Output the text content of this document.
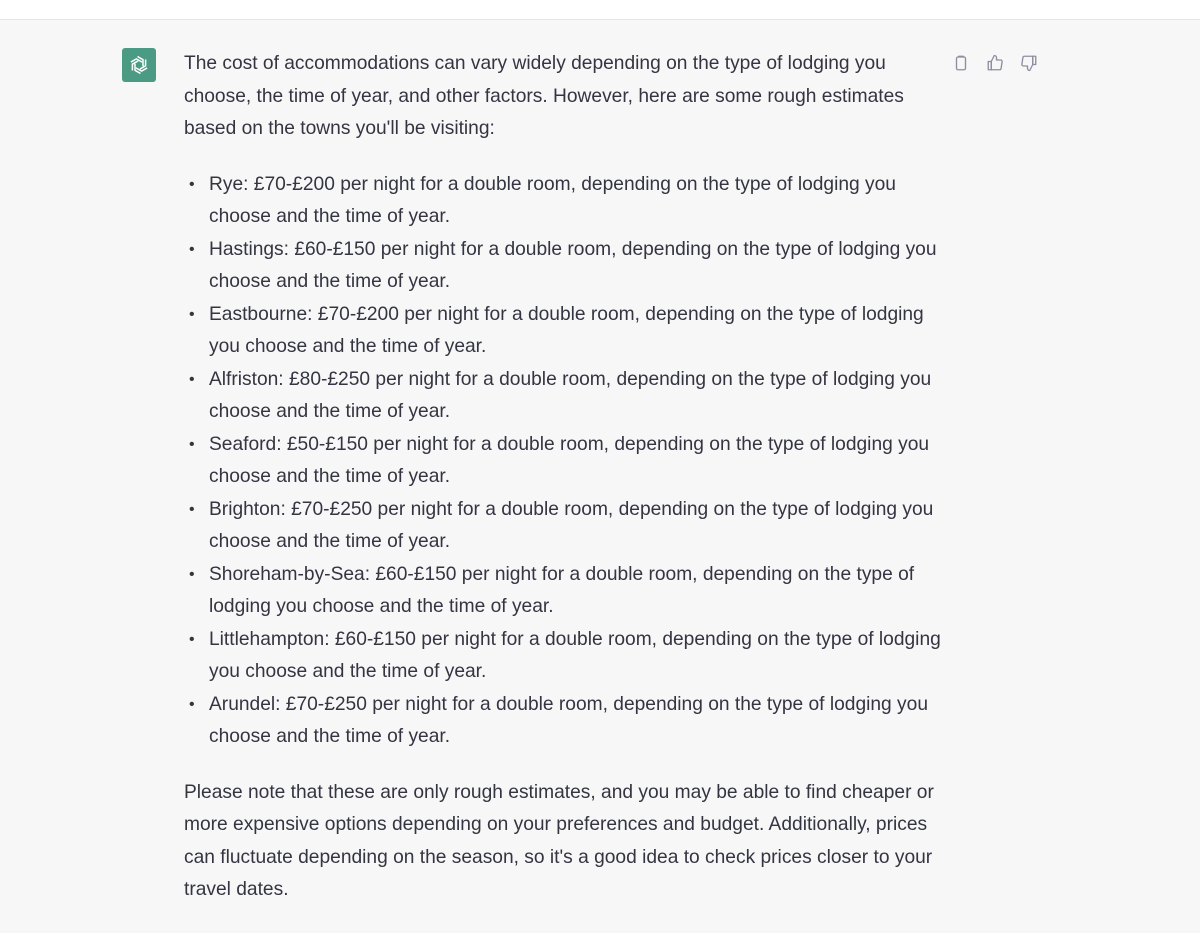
The cost of accommodations can vary widely depending on the type of lodging you choose, the time of year, and other factors. However, here are some rough estimates based on the towns you'll be visiting:

• Rye: £70-£200 per night for a double room, depending on the type of lodging you choose and the time of year.
• Hastings: £60-£150 per night for a double room, depending on the type of lodging you choose and the time of year.
• Eastbourne: £70-£200 per night for a double room, depending on the type of lodging you choose and the time of year.
• Alfriston: £80-£250 per night for a double room, depending on the type of lodging you choose and the time of year.
• Seaford: £50-£150 per night for a double room, depending on the type of lodging you choose and the time of year.
• Brighton: £70-£250 per night for a double room, depending on the type of lodging you choose and the time of year.
• Shoreham-by-Sea: £60-£150 per night for a double room, depending on the type of lodging you choose and the time of year.
• Littlehampton: £60-£150 per night for a double room, depending on the type of lodging you choose and the time of year.
• Arundel: £70-£250 per night for a double room, depending on the type of lodging you choose and the time of year.

Please note that these are only rough estimates, and you may be able to find cheaper or more expensive options depending on your preferences and budget. Additionally, prices can fluctuate depending on the season, so it's a good idea to check prices closer to your travel dates.
